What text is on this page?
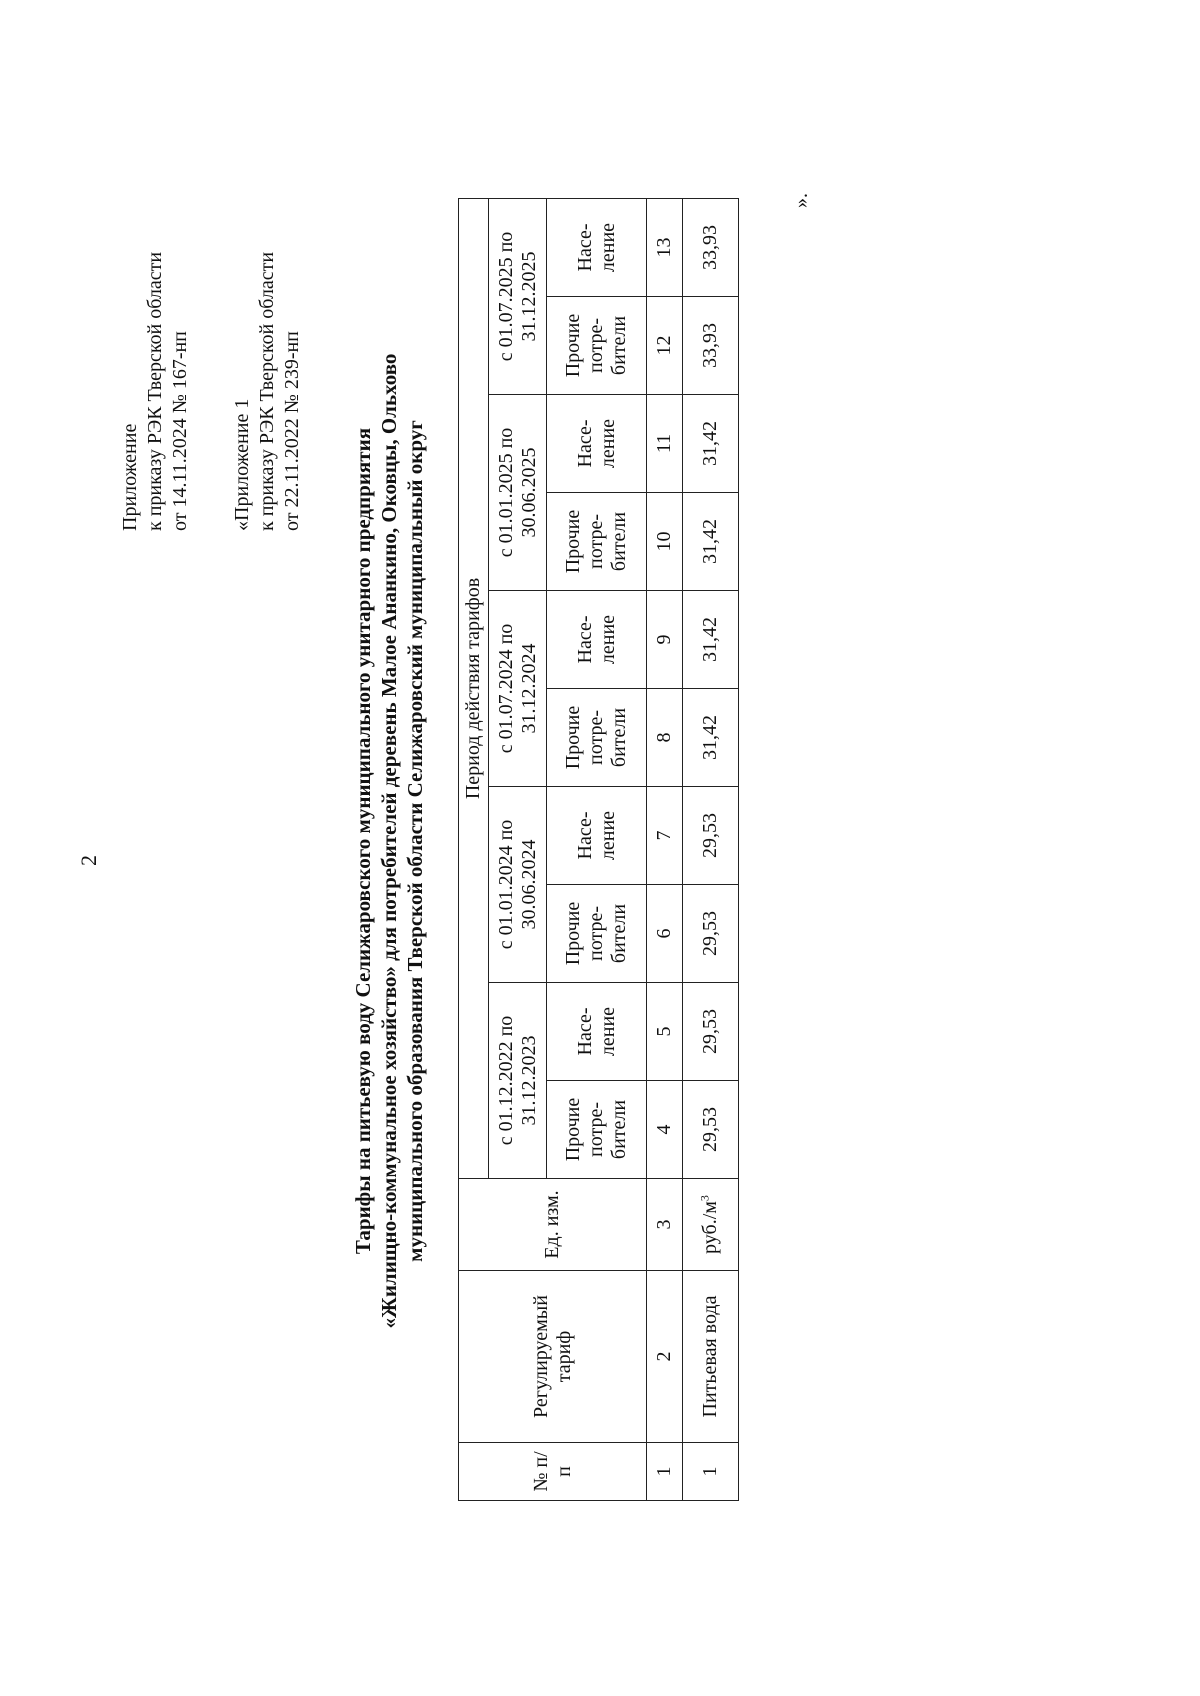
2
Приложение к приказу РЭК Тверской области от 14.11.2024 № 167-нп «Приложение 1 к приказу РЭК Тверской области от 22.11.2022 № 239-нп Тарифы на питьевую воду Селижаровского муниципального унитарного предприятия «Жилищно-коммунальное хозяйство» для потребителей деревень Малое Ананкино, Оковцы, Ольхово муниципального образования Тверской области Селижаровский муниципальный округ
№ п/п	Регулируемый тариф	Ед. изм.	Период действия тарифов									
			с 01.12.2022 по 31.12.2023		с 01.01.2024 по 30.06.2024		с 01.07.2024 по 31.12.2024		с 01.01.2025 по 30.06.2025		с 01.07.2025 по 31.12.2025	
			Прочие потре-бители	Насе-ление	Прочие потре-бители	Насе-ление	Прочие потре-бители	Насе-ление	Прочие потре-бители	Насе-ление	Прочие потре-бители	Насе-ление
1	2	3	4	5	6	7	8	9	10	11	12	13
1	Питьевая вода	$руб./м^3$	29,53	29,53	29,53	29,53	31,42	31,42	31,42	31,42	33,93	33,93
».
